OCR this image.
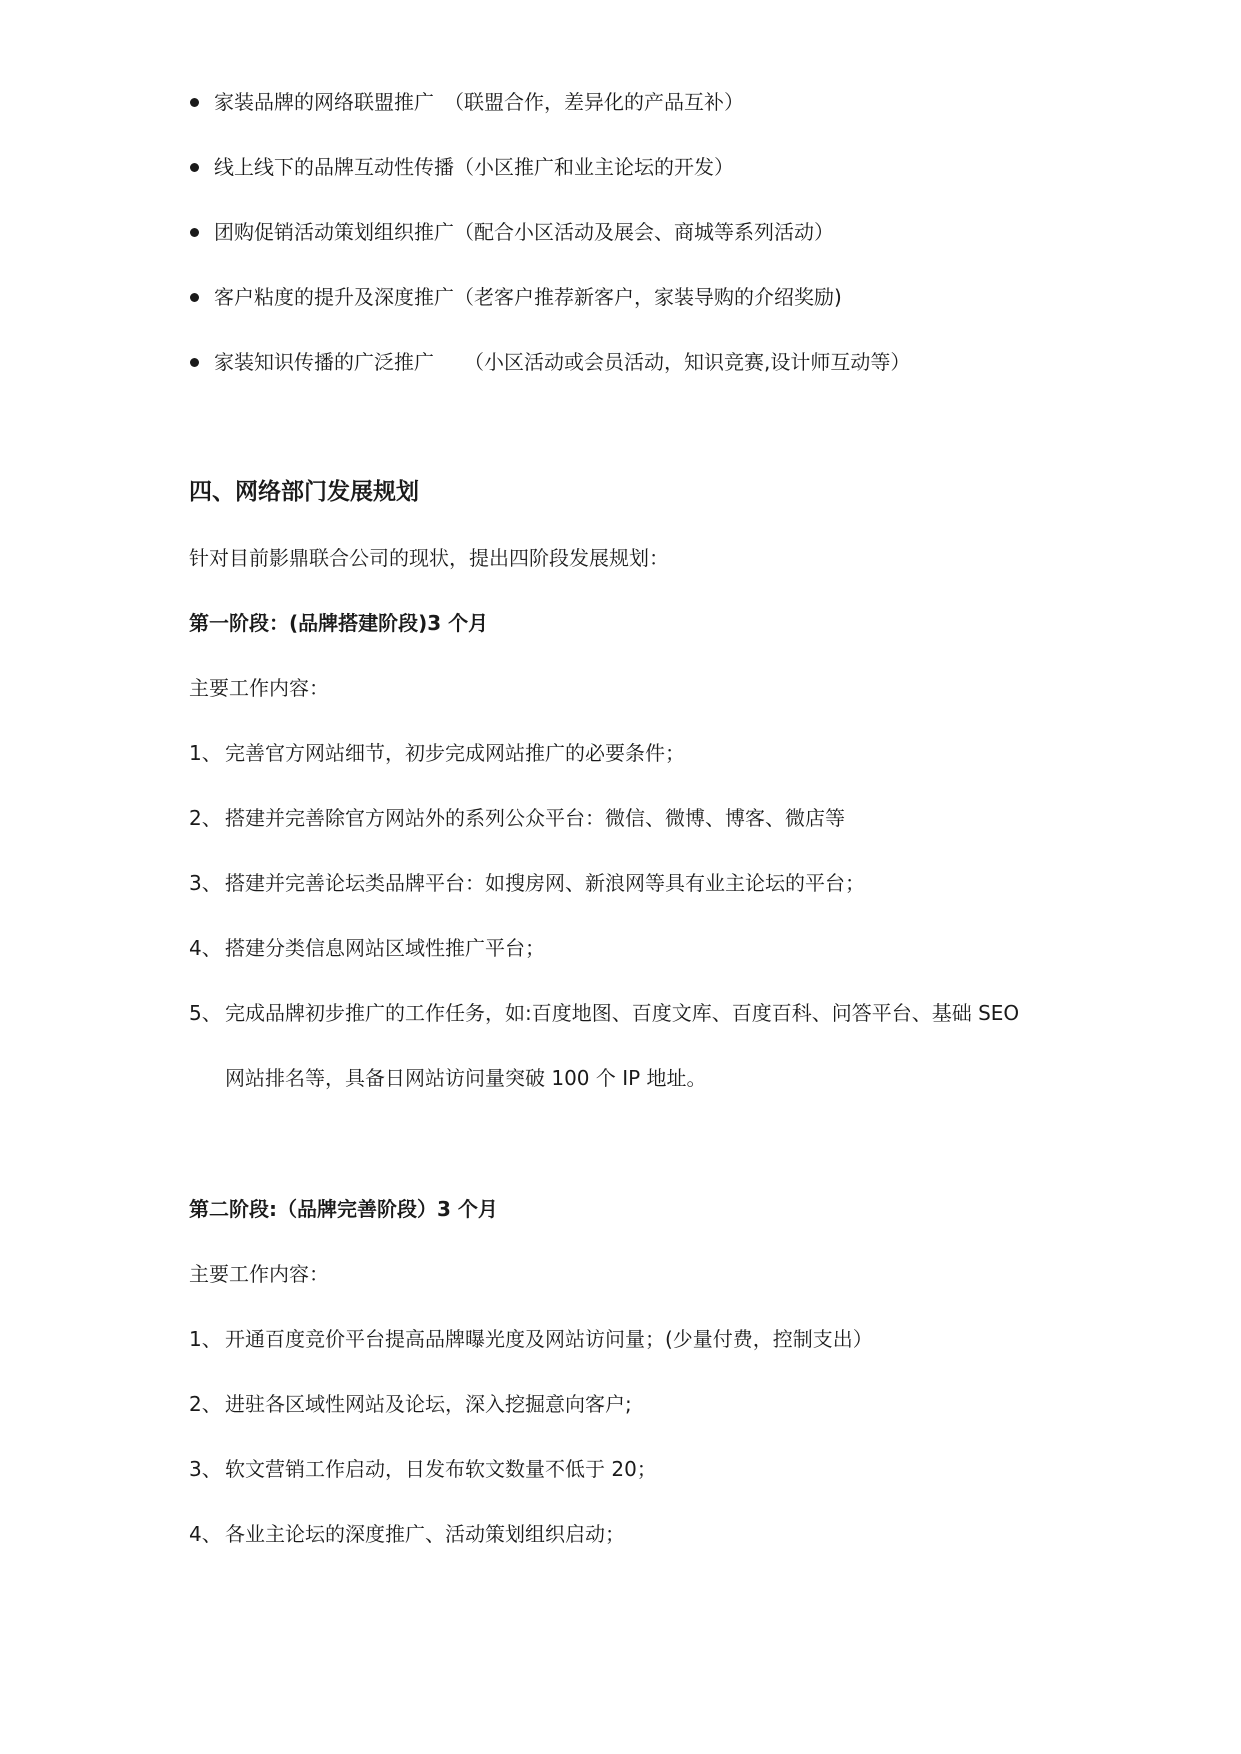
家装品牌的网络联盟推广　（联盟合作，差异化的产品互补）
线上线下的品牌互动性传播（小区推广和业主论坛的开发）
团购促销活动策划组织推广（配合小区活动及展会、商城等系列活动）
客户粘度的提升及深度推广（老客户推荐新客户，家装导购的介绍奖励)
家装知识传播的广泛推广　　（小区活动或会员活动，知识竞赛,设计师互动等）
四、网络部门发展规划
针对目前影鼎联合公司的现状，提出四阶段发展规划：
第一阶段：(品牌搭建阶段)3 个月
主要工作内容：
1、 完善官方网站细节，初步完成网站推广的必要条件；
2、 搭建并完善除官方网站外的系列公众平台：微信、微博、博客、微店等
3、 搭建并完善论坛类品牌平台：如搜房网、新浪网等具有业主论坛的平台；
4、 搭建分类信息网站区域性推广平台；
5、 完成品牌初步推广的工作任务，如:百度地图、百度文库、百度百科、问答平台、基础 SEO
网站排名等，具备日网站访问量突破 100 个 IP 地址。
第二阶段:（品牌完善阶段）3 个月
主要工作内容：
1、 开通百度竞价平台提高品牌曝光度及网站访问量；(少量付费，控制支出）
2、 进驻各区域性网站及论坛，深入挖掘意向客户;
3、 软文营销工作启动，日发布软文数量不低于 20；
4、 各业主论坛的深度推广、活动策划组织启动；
